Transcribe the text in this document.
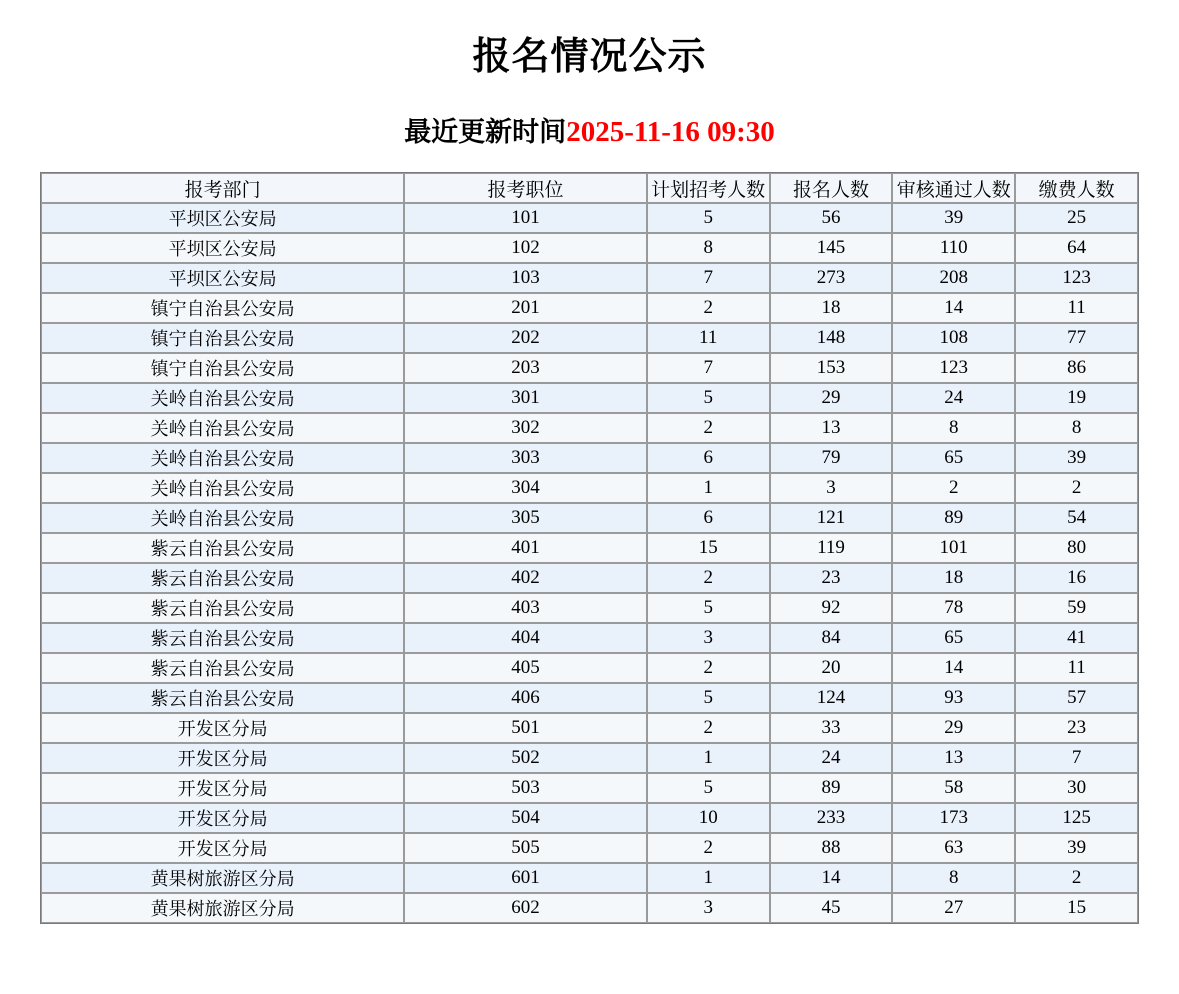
报名情况公示
最近更新时间2025-11-16 09:30
报考部门	报考职位	计划招考人数	报名人数	审核通过人数	缴费人数
平坝区公安局	101	5	56	39	25
平坝区公安局	102	8	145	110	64
平坝区公安局	103	7	273	208	123
镇宁自治县公安局	201	2	18	14	11
镇宁自治县公安局	202	11	148	108	77
镇宁自治县公安局	203	7	153	123	86
关岭自治县公安局	301	5	29	24	19
关岭自治县公安局	302	2	13	8	8
关岭自治县公安局	303	6	79	65	39
关岭自治县公安局	304	1	3	2	2
关岭自治县公安局	305	6	121	89	54
紫云自治县公安局	401	15	119	101	80
紫云自治县公安局	402	2	23	18	16
紫云自治县公安局	403	5	92	78	59
紫云自治县公安局	404	3	84	65	41
紫云自治县公安局	405	2	20	14	11
紫云自治县公安局	406	5	124	93	57
开发区分局	501	2	33	29	23
开发区分局	502	1	24	13	7
开发区分局	503	5	89	58	30
开发区分局	504	10	233	173	125
开发区分局	505	2	88	63	39
黄果树旅游区分局	601	1	14	8	2
黄果树旅游区分局	602	3	45	27	15
